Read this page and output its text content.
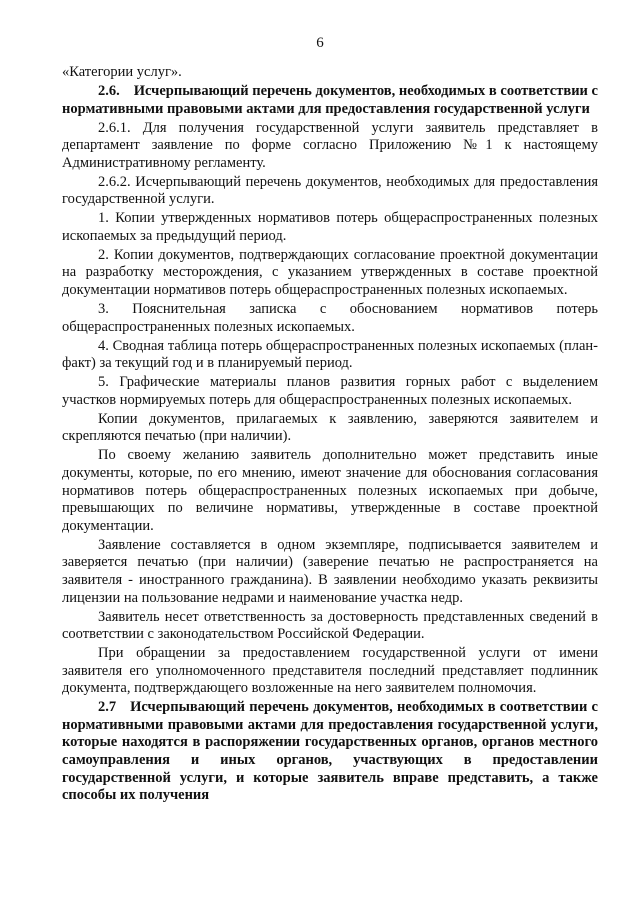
6

«Категории услуг».

2.6. Исчерпывающий перечень документов, необходимых в соответствии с нормативными правовыми актами для предоставления государственной услуги

2.6.1. Для получения государственной услуги заявитель представляет в департамент заявление по форме согласно Приложению №1 к настоящему Административному регламенту.

2.6.2. Исчерпывающий перечень документов, необходимых для предоставления государственной услуги.

1. Копии утвержденных нормативов потерь общераспространенных полезных ископаемых за предыдущий период.

2. Копии документов, подтверждающих согласование проектной документации на разработку месторождения, с указанием утвержденных в составе проектной документации нормативов потерь общераспространенных полезных ископаемых.

3. Пояснительная записка с обоснованием нормативов потерь общераспространенных полезных ископаемых.

4. Сводная таблица потерь общераспространенных полезных ископаемых (план-факт) за текущий год и в планируемый период.

5. Графические материалы планов развития горных работ с выделением участков нормируемых потерь для общераспространенных полезных ископаемых.

Копии документов, прилагаемых к заявлению, заверяются заявителем и скрепляются печатью (при наличии).

По своему желанию заявитель дополнительно может представить иные документы, которые, по его мнению, имеют значение для обоснования согласования нормативов потерь общераспространенных полезных ископаемых при добыче, превышающих по величине нормативы, утвержденные в составе проектной документации.

Заявление составляется в одном экземпляре, подписывается заявителем и заверяется печатью (при наличии) (заверение печатью не распространяется на заявителя - иностранного гражданина). В заявлении необходимо указать реквизиты лицензии на пользование недрами и наименование участка недр.

Заявитель несет ответственность за достоверность представленных сведений в соответствии с законодательством Российской Федерации.

При обращении за предоставлением государственной услуги от имени заявителя его уполномоченного представителя последний представляет подлинник документа, подтверждающего возложенные на него заявителем полномочия.

2.7 Исчерпывающий перечень документов, необходимых в соответствии с нормативными правовыми актами для предоставления государственной услуги, которые находятся в распоряжении государственных органов, органов местного самоуправления и иных органов, участвующих в предоставлении государственной услуги, и которые заявитель вправе представить, а также способы их получения
